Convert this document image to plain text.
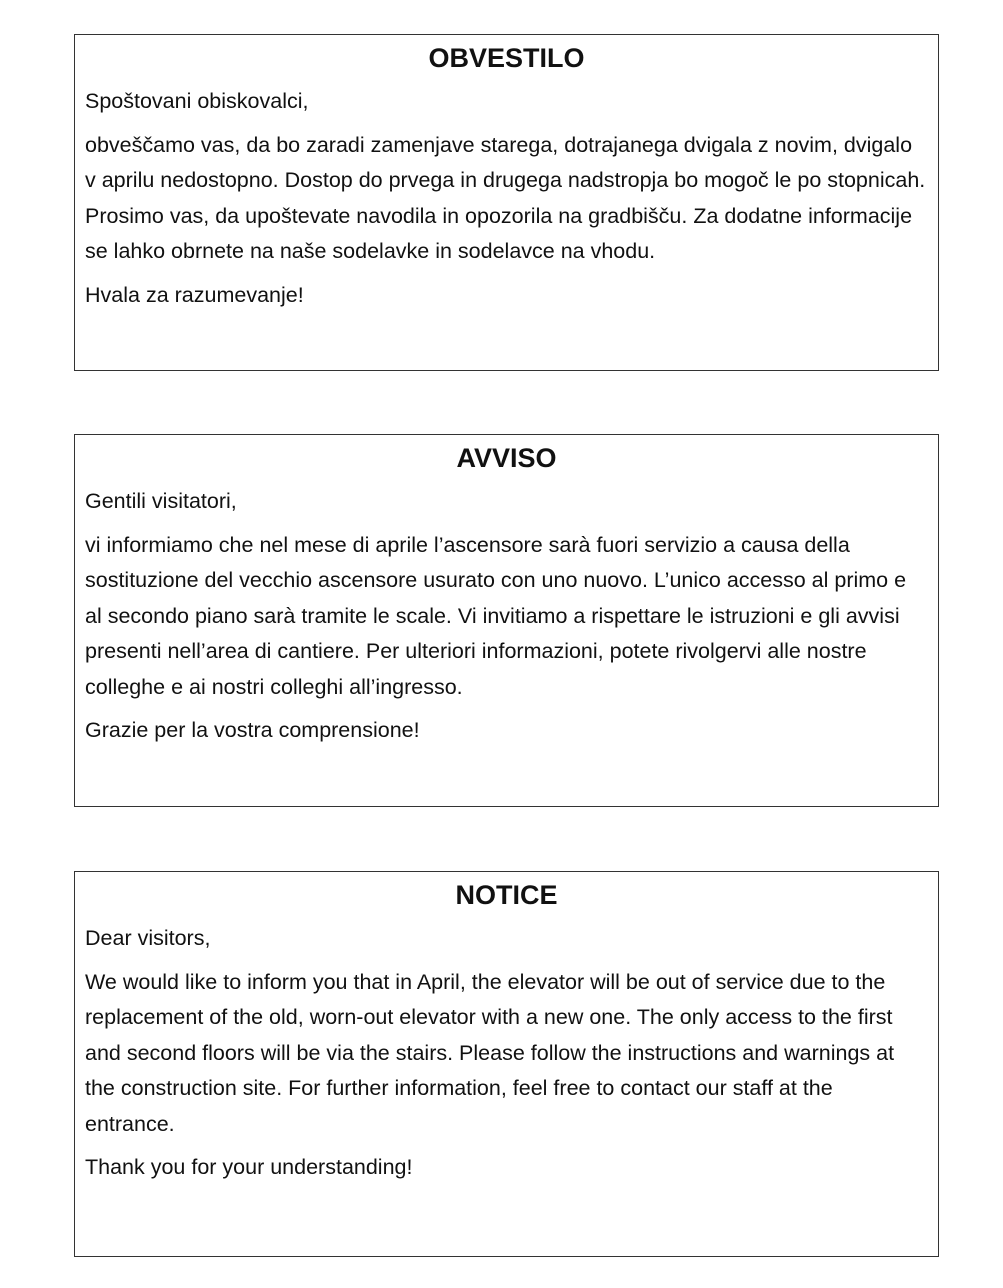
OBVESTILO

Spoštovani obiskovalci,

obveščamo vas, da bo zaradi zamenjave starega, dotrajanega dvigala z novim, dvigalo v aprilu nedostopno. Dostop do prvega in drugega nadstropja bo mogoč le po stopnicah. Prosimo vas, da upoštevate navodila in opozorila na gradbišču. Za dodatne informacije se lahko obrnete na naše sodelavke in sodelavce na vhodu.

Hvala za razumevanje!

AVVISO

Gentili visitatori,

vi informiamo che nel mese di aprile l’ascensore sarà fuori servizio a causa della sostituzione del vecchio ascensore usurato con uno nuovo. L’unico accesso al primo e al secondo piano sarà tramite le scale. Vi invitiamo a rispettare le istruzioni e gli avvisi presenti nell’area di cantiere. Per ulteriori informazioni, potete rivolgervi alle nostre colleghe e ai nostri colleghi all’ingresso.

Grazie per la vostra comprensione!

NOTICE

Dear visitors,

We would like to inform you that in April, the elevator will be out of service due to the replacement of the old, worn-out elevator with a new one. The only access to the first and second floors will be via the stairs. Please follow the instructions and warnings at the construction site. For further information, feel free to contact our staff at the entrance.

Thank you for your understanding!
